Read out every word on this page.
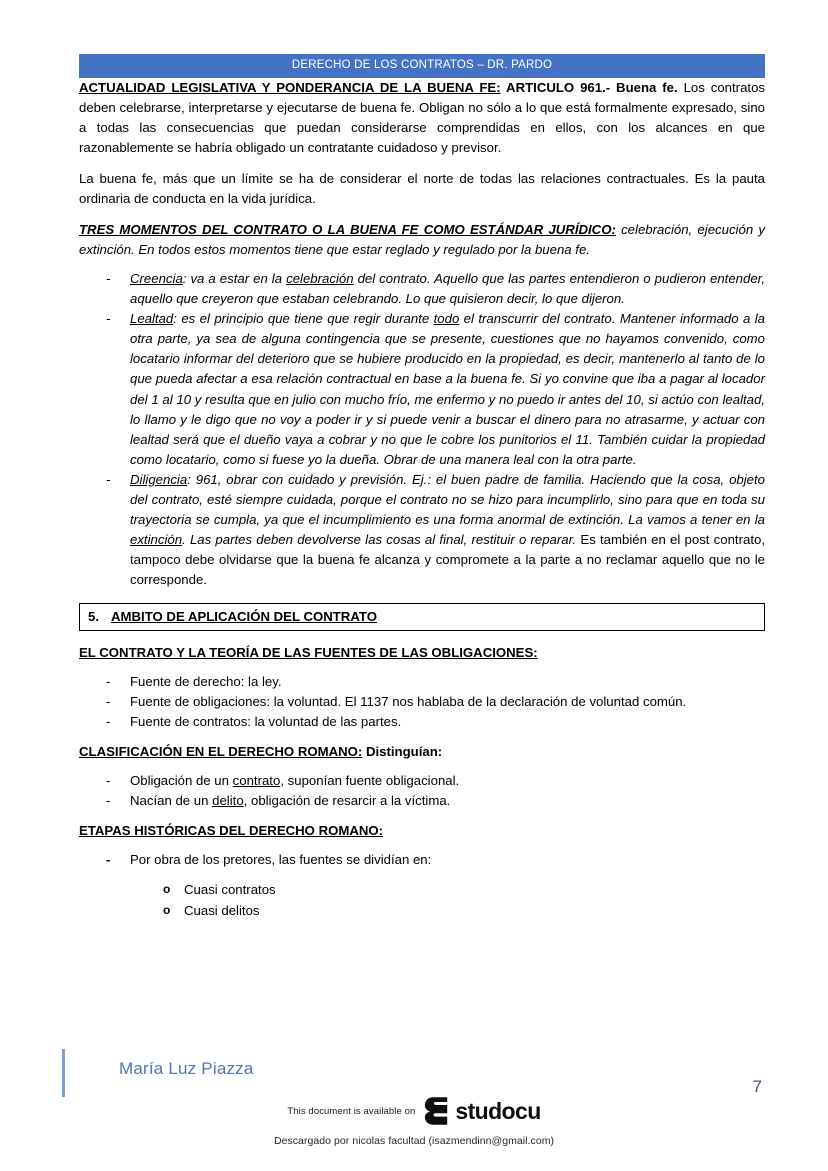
DERECHO DE LOS CONTRATOS – DR. PARDO

ACTUALIDAD LEGISLATIVA Y PONDERANCIA DE LA BUENA FE: ARTICULO 961.- Buena fe. Los contratos deben celebrarse, interpretarse y ejecutarse de buena fe. Obligan no sólo a lo que está formalmente expresado, sino a todas las consecuencias que puedan considerarse comprendidas en ellos, con los alcances en que razonablemente se habría obligado un contratante cuidadoso y previsor.

La buena fe, más que un límite se ha de considerar el norte de todas las relaciones contractuales. Es la pauta ordinaria de conducta en la vida jurídica.

TRES MOMENTOS DEL CONTRATO O LA BUENA FE COMO ESTÁNDAR JURÍDICO: celebración, ejecución y extinción. En todos estos momentos tiene que estar reglado y regulado por la buena fe.

- Creencia: va a estar en la celebración del contrato. Aquello que las partes entendieron o pudieron entender, aquello que creyeron que estaban celebrando. Lo que quisieron decir, lo que dijeron.
- Lealtad: es el principio que tiene que regir durante todo el transcurrir del contrato. Mantener informado a la otra parte, ya sea de alguna contingencia que se presente, cuestiones que no hayamos convenido, como locatario informar del deterioro que se hubiere producido en la propiedad, es decir, mantenerlo al tanto de lo que pueda afectar a esa relación contractual en base a la buena fe. Si yo convine que iba a pagar al locador del 1 al 10 y resulta que en julio con mucho frío, me enfermo y no puedo ir antes del 10, si actúo con lealtad, lo llamo y le digo que no voy a poder ir y si puede venir a buscar el dinero para no atrasarme, y actuar con lealtad será que el dueño vaya a cobrar y no que le cobre los punitorios el 11. También cuidar la propiedad como locatario, como si fuese yo la dueña. Obrar de una manera leal con la otra parte.
- Diligencia: 961, obrar con cuidado y previsión. Ej.: el buen padre de familia. Haciendo que la cosa, objeto del contrato, esté siempre cuidada, porque el contrato no se hizo para incumplirlo, sino para que en toda su trayectoria se cumpla, ya que el incumplimiento es una forma anormal de extinción. La vamos a tener en la extinción. Las partes deben devolverse las cosas al final, restituir o reparar. Es también en el post contrato, tampoco debe olvidarse que la buena fe alcanza y compromete a la parte a no reclamar aquello que no le corresponde.
5. AMBITO DE APLICACIÓN DEL CONTRATO

EL CONTRATO Y LA TEORÍA DE LAS FUENTES DE LAS OBLIGACIONES:

- Fuente de derecho: la ley.
- Fuente de obligaciones: la voluntad. El 1137 nos hablaba de la declaración de voluntad común.
- Fuente de contratos: la voluntad de las partes.

CLASIFICACIÓN EN EL DERECHO ROMANO: Distinguían:

- Obligación de un contrato, suponían fuente obligacional.
- Nacían de un delito, obligación de resarcir a la víctima.

ETAPAS HISTÓRICAS DEL DERECHO ROMANO:

- Por obra de los pretores, las fuentes se dividían en:
o Cuasi contratos
o Cuasi delitos
María Luz Piazza
7
This document is available on studocu
Descargado por nicolas facultad (isazmendinn@gmail.com)
